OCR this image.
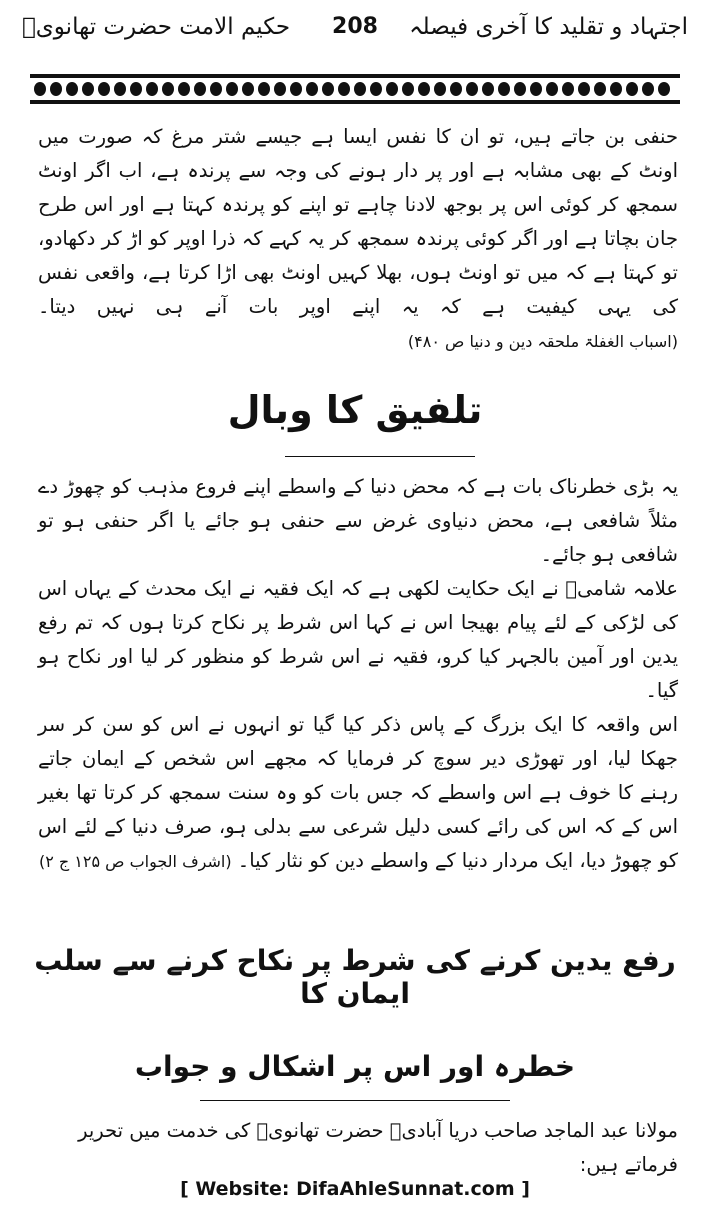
اجتہاد و تقلید کا آخری فیصلہ
208
حکیم الامت حضرت تھانویؒ
حنفی بن جاتے ہیں، تو ان کا نفس ایسا ہے جیسے شتر مرغ کہ صورت میں اونٹ کے بھی مشابہ ہے اور پر دار ہونے کی وجہ سے پرندہ ہے، اب اگر اونٹ سمجھ کر کوئی اس پر بوجھ لادنا چاہے تو اپنے کو پرندہ کہتا ہے اور اس طرح جان بچاتا ہے اور اگر کوئی پرندہ سمجھ کر یہ کہے کہ ذرا اوپر کو اڑ کر دکھادو، تو کہتا ہے کہ میں تو اونٹ ہوں، بھلا کہیں اونٹ بھی اڑا کرتا ہے، واقعی نفس کی یہی کیفیت ہے کہ یہ اپنے اوپر بات آنے ہی نہیں دیتا۔ (اسباب الغفلۃ ملحقہ دین و دنیا ص ۴۸۰)
تلفیق کا وبال
یہ بڑی خطرناک بات ہے کہ محض دنیا کے واسطے اپنے فروع مذہب کو چھوڑ دے مثلاً شافعی ہے، محض دنیاوی غرض سے حنفی ہو جائے یا اگر حنفی ہو تو شافعی ہو جائے۔
علامہ شامیؒ نے ایک حکایت لکھی ہے کہ ایک فقیہ نے ایک محدث کے یہاں اس کی لڑکی کے لئے پیام بھیجا اس نے کہا اس شرط پر نکاح کرتا ہوں کہ تم رفع یدین اور آمین بالجہر کیا کرو، فقیہ نے اس شرط کو منظور کر لیا اور نکاح ہو گیا۔
اس واقعہ کا ایک بزرگ کے پاس ذکر کیا گیا تو انہوں نے اس کو سن کر سر جھکا لیا، اور تھوڑی دیر سوچ کر فرمایا کہ مجھے اس شخص کے ایمان جاتے رہنے کا خوف ہے اس واسطے کہ جس بات کو وہ سنت سمجھ کر کرتا تھا بغیر اس کے کہ اس کی رائے کسی دلیل شرعی سے بدلی ہو، صرف دنیا کے لئے اس کو چھوڑ دیا، ایک مردار دنیا کے واسطے دین کو نثار کیا۔ (اشرف الجواب ص ۱۲۵ ج ۲)
رفع یدین کرنے کی شرط پر نکاح کرنے سے سلب ایمان کا
خطرہ اور اس پر اشکال و جواب
مولانا عبد الماجد صاحب دریا آبادیؒ حضرت تھانویؒ کی خدمت میں تحریر فرماتے ہیں:
[ Website: DifaAhleSunnat.com ]
